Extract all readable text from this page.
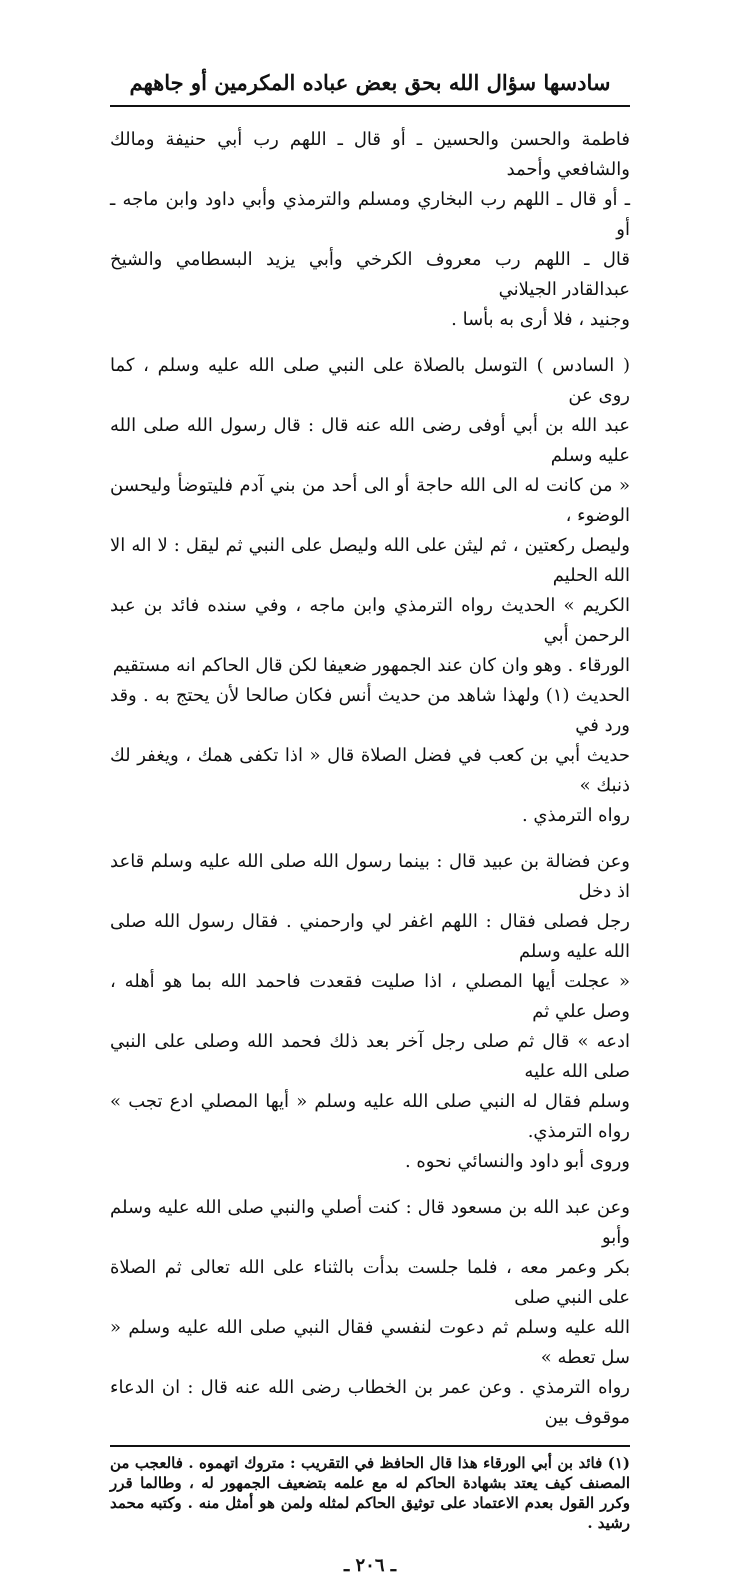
سادسها سؤال الله بحق بعض عباده المكرمين أو جاههم

فاطمة والحسن والحسين ـ أو قال ـ اللهم رب أبي حنيفة ومالك والشافعي وأحمد
ـ أو قال ـ اللهم رب البخاري ومسلم والترمذي وأبي داود وابن ماجه ـ أو
قال ـ اللهم رب معروف الكرخي وأبي يزيد البسطامي والشيخ عبدالقادر الجيلاني
وجنيد ، فلا أرى به بأسا .

( السادس ) التوسل بالصلاة على النبي صلى الله عليه وسلم ، كما روى عن
عبد الله بن أبي أوفى رضى الله عنه قال : قال رسول الله صلى الله عليه وسلم
« من كانت له الى الله حاجة أو الى أحد من بني آدم فليتوضأ وليحسن الوضوء ،
وليصل ركعتين ، ثم ليثن على الله وليصل على النبي ثم ليقل : لا اله الا الله الحليم
الكريم » الحديث رواه الترمذي وابن ماجه ، وفي سنده فائد بن عبد الرحمن أبي
الورقاء . وهو وان كان عند الجمهور ضعيفا لكن قال الحاكم انه مستقيم
الحديث (١) ولهذا شاهد من حديث أنس فكان صالحا لأن يحتج به . وقد ورد في
حديث أبي بن كعب في فضل الصلاة قال « اذا تكفى همك ، ويغفر لك ذنبك »
رواه الترمذي .

وعن فضالة بن عبيد قال : بينما رسول الله صلى الله عليه وسلم قاعد اذ دخل
رجل فصلى فقال : اللهم اغفر لي وارحمني . فقال رسول الله صلى الله عليه وسلم
« عجلت أيها المصلي ، اذا صليت فقعدت فاحمد الله بما هو أهله ، وصل علي ثم
ادعه » قال ثم صلى رجل آخر بعد ذلك فحمد الله وصلى على النبي صلى الله عليه
وسلم فقال له النبي صلى الله عليه وسلم « أيها المصلي ادع تجب » رواه الترمذي.
وروى أبو داود والنسائي نحوه .

وعن عبد الله بن مسعود قال : كنت أصلي والنبي صلى الله عليه وسلم وأبو
بكر وعمر معه ، فلما جلست بدأت بالثناء على الله تعالى ثم الصلاة على النبي صلى
الله عليه وسلم ثم دعوت لنفسي فقال النبي صلى الله عليه وسلم « سل تعطه »
رواه الترمذي . وعن عمر بن الخطاب رضى الله عنه قال : ان الدعاء موقوف بين

(١) فائد بن أبي الورقاء هذا قال الحافظ في التقريب : متروك اتهموه . فالعجب من المصنف كيف يعتد بشهادة الحاكم له مع علمه بتضعيف الجمهور له ، وطالما قرر وكرر القول بعدم الاعتماد على توثيق الحاكم لمثله ولمن هو أمثل منه . وكتبه محمد رشيد .
ـ ٢٠٦ ـ
